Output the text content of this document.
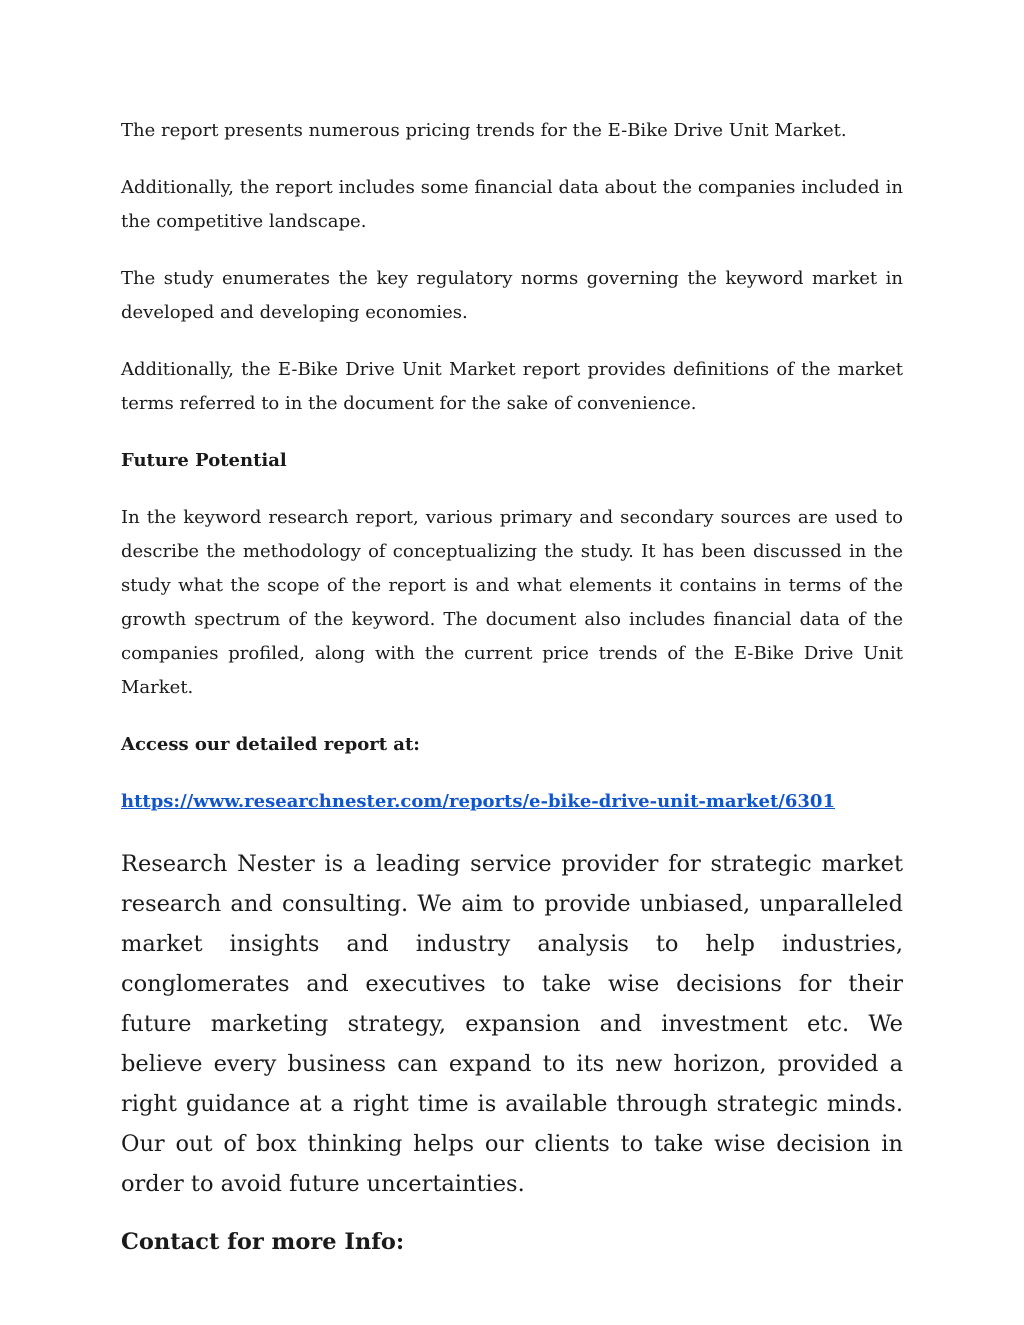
The report presents numerous pricing trends for the E-Bike Drive Unit Market.

Additionally, the report includes some financial data about the companies included in the competitive landscape.

The study enumerates the key regulatory norms governing the keyword market in developed and developing economies.

Additionally, the E-Bike Drive Unit Market report provides definitions of the market terms referred to in the document for the sake of convenience.

Future Potential

In the keyword research report, various primary and secondary sources are used to describe the methodology of conceptualizing the study. It has been discussed in the study what the scope of the report is and what elements it contains in terms of the growth spectrum of the keyword. The document also includes financial data of the companies profiled, along with the current price trends of the E-Bike Drive Unit Market.

Access our detailed report at:

https://www.researchnester.com/reports/e-bike-drive-unit-market/6301

Research Nester is a leading service provider for strategic market research and consulting. We aim to provide unbiased, unparalleled market insights and industry analysis to help industries, conglomerates and executives to take wise decisions for their future marketing strategy, expansion and investment etc. We believe every business can expand to its new horizon, provided a right guidance at a right time is available through strategic minds. Our out of box thinking helps our clients to take wise decision in order to avoid future uncertainties.

Contact for more Info:
